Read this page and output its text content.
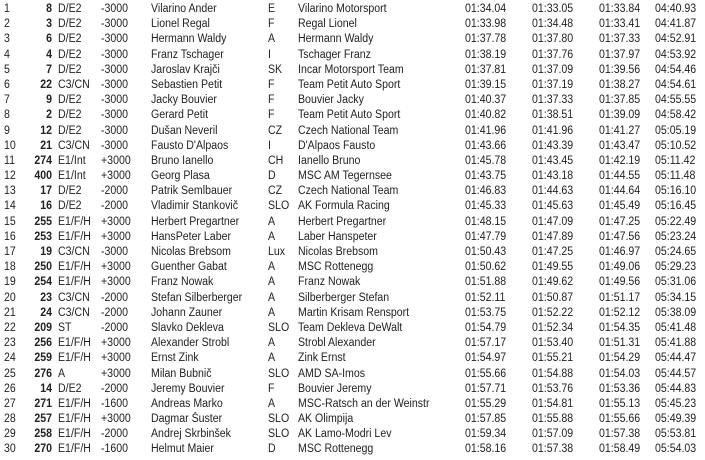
1	8 D/E2 -3000 Vilarino Ander	E Vilarino Motorsport	01:34.04 01:33.05 01:33.84 04:40.93
2	3 D/E2 -3000 Lionel Regal	F Regal Lionel	01:33.98 01:34.48 01:33.41 04:41.87
3	6 D/E2 -3000 Hermann Waldy	A Hermann Waldy	01:37.78 01:37.80 01:37.33 04:52.91
4	4 D/E2 -3000 Franz Tschager	I Tschager Franz	01:38.19 01:37.76 01:37.97 04:53.92
5	7 D/E2 -3000 Jaroslav Krajči	SK Incar Motorsport Team	01:37.81 01:37.09 01:39.56 04:54.46
6	22 C3/CN -3000 Sebastien Petit	F Team Petit Auto Sport	01:39.15 01:37.19 01:38.27 04:54.61
7	9 D/E2 -3000 Jacky Bouvier	F Bouvier Jacky	01:40.37 01:37.33 01:37.85 04:55.55
8	2 D/E2 -3000 Gerard Petit	F Team Petit Auto Sport	01:40.82 01:38.51 01:39.09 04:58.42
9	12 D/E2 -3000 Dušan Neveril	CZ Czech National Team	01:41.96 01:41.96 01:41.27 05:05.19
10	21 C3/CN -3000 Fausto D'Alpaos	I D'Alpaos Fausto	01:43.66 01:43.39 01:43.47 05:10.52
11	274 E1/Int +3000 Bruno Ianello	CH Ianello Bruno	01:45.78 01:43.45 01:42.19 05:11.42
12	400 E1/Int +3000 Georg Plasa	D MSC AM Tegernsee	01:43.75 01:43.18 01:44.55 05:11.48
13	17 D/E2 -2000 Patrik Semlbauer	CZ Czech National Team	01:46.83 01:44.63 01:44.64 05:16.10
14	16 D/E2 -2000 Vladimir Stankovič	SLO AK Formula Racing	01:45.33 01:45.63 01:45.49 05:16.45
15	255 E1/F/H +3000 Herbert Pregartner	A Herbert Pregartner	01:48.15 01:47.09 01:47.25 05:22.49
16	253 E1/F/H +3000 HansPeter Laber	A Laber Hanspeter	01:47.79 01:47.89 01:47.56 05:23.24
17	19 C3/CN -3000 Nicolas Brebsom	Lux Nicolas Brebsom	01:50.43 01:47.25 01:46.97 05:24.65
18	250 E1/F/H +3000 Guenther Gabat	A MSC Rottenegg	01:50.62 01:49.55 01:49.06 05:29.23
19	254 E1/F/H +3000 Franz Nowak	A Franz Nowak	01:51.88 01:49.62 01:49.56 05:31.06
20	23 C3/CN -2000 Stefan Silberberger A Silberberger Stefan	01:52.11 01:50.87 01:51.17 05:34.15
21	24 C3/CN -2000 Johann Zauner	A Martin Krisam Rensport	01:53.75 01:52.22 01:52.12 05:38.09
22	209 ST	-2000 Slavko Dekleva	SLO Team Dekleva DeWalt	01:54.79 01:52.34 01:54.35 05:41.48
23	256 E1/F/H +3000 Alexander Strobl	A Strobl Alexander	01:57.17 01:53.40 01:51.31 05:41.88
24	259 E1/F/H +3000 Ernst Zink	A Zink Ernst	01:54.97 01:55.21 01:54.29 05:44.47
25	276 A	+3000 Milan Bubnič	SLO AMD SA-Imos	01:55.66 01:54.88 01:54.03 05:44.57
26	14 D/E2 -2000 Jeremy Bouvier	F Bouvier Jeremy	01:57.71 01:53.76 01:53.36 05:44.83
27	271 E1/F/H -1600 Andreas Marko	A MSC-Ratsch an der Weinstr	01:55.29 01:54.81 01:55.13 05:45.23
28	257 E1/F/H +3000 Dagmar Šuster	SLO AK Olimpija	01:57.85 01:55.88 01:55.66 05:49.39
29	258 E1/F/H -2000 Andrej Skrbinšek	SLO AK Lamo-Modri Lev	01:59.34 01:57.09 01:57.38 05:53.81
30	270 E1/F/H -1600 Helmut Maier	D MSC Rottenegg	01:58.16 01:57.38 01:58.49 05:54.03
